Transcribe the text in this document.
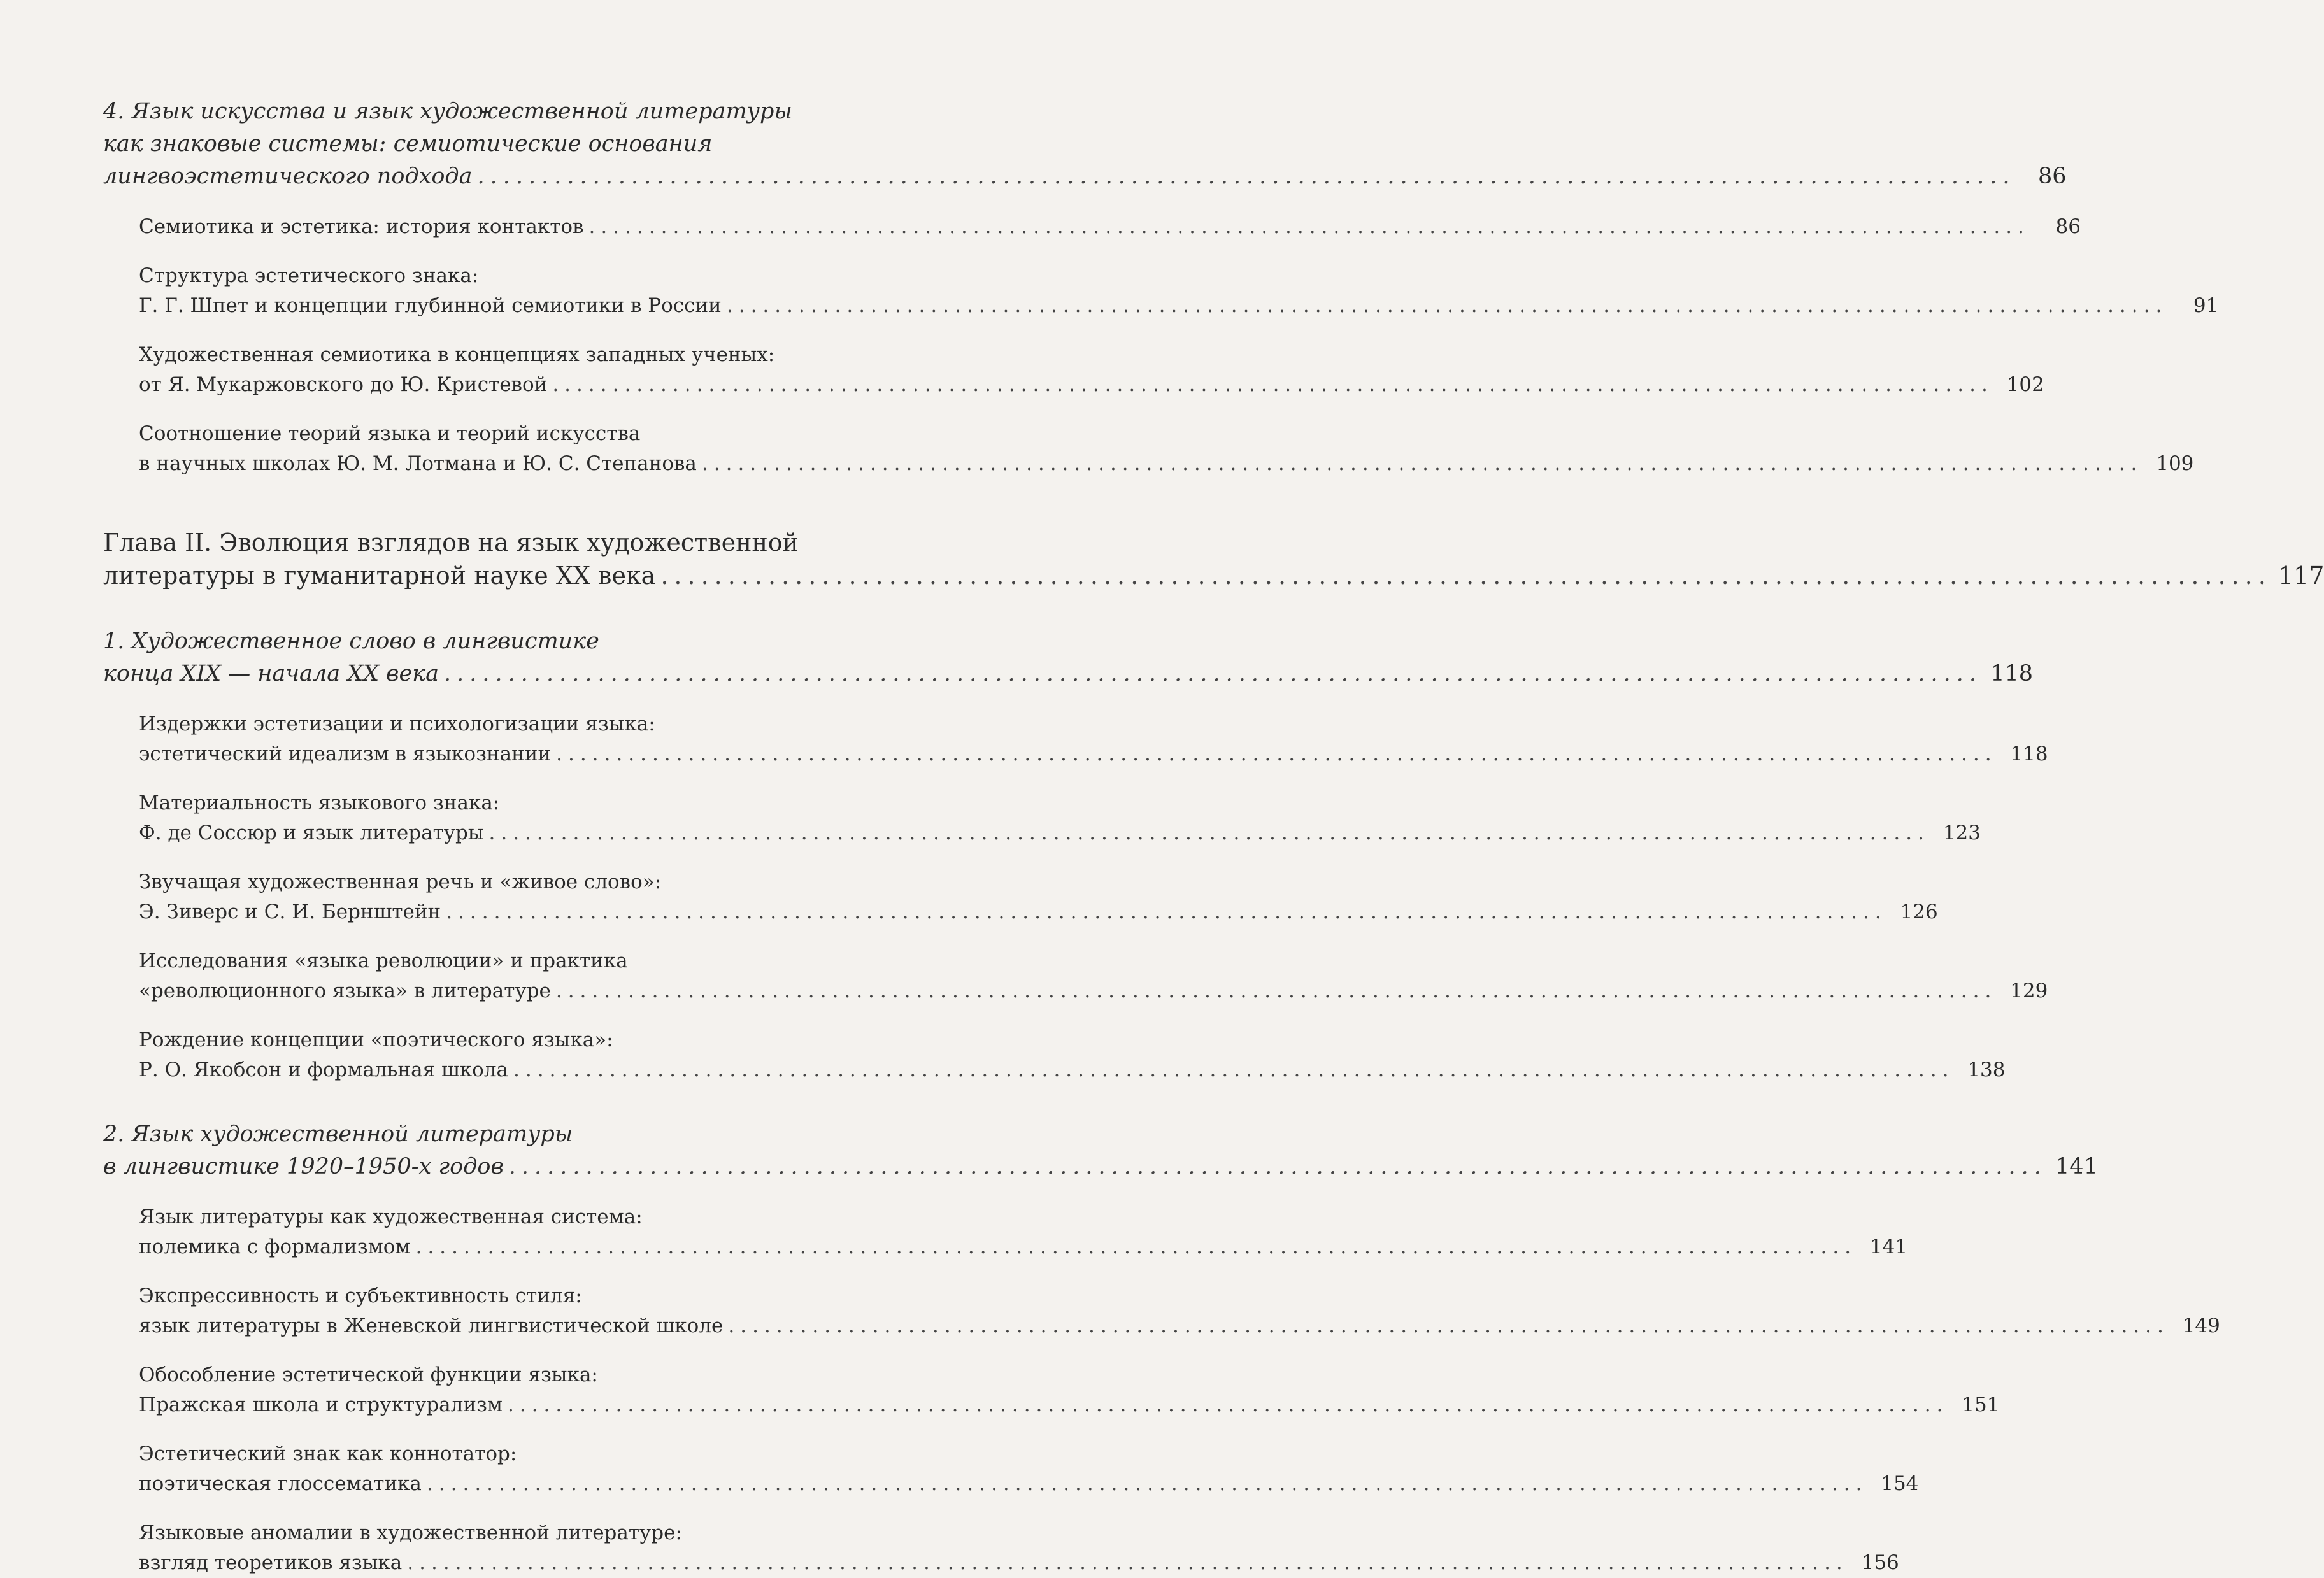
4. Язык искусства и язык художественной литературы
как знаковые системы: семиотические основания
лингвоэстетического подхода ........................................................................................................................	86
Семиотика и эстетика: история контактов ........................................................................................................................	86
Структура эстетического знака:
Г. Г. Шпет и концепции глубинной семиотики в России ........................................................................................................................	91
Художественная семиотика в концепциях западных ученых:
от Я. Мукаржовского до Ю. Кристевой ........................................................................................................................ 102
Соотношение теорий языка и теорий искусства
в научных школах Ю. М. Лотмана и Ю. С. Степанова ........................................................................................................................ 109
Глава II. Эволюция взглядов на язык художественной
литературы в гуманитарной науке XX века ........................................................................................................................ 117
1. Художественное слово в лингвистике
конца XIX — начала XX века ........................................................................................................................ 118
Издержки эстетизации и психологизации языка:
эстетический идеализм в языкознании ........................................................................................................................ 118
Материальность языкового знака:
Ф. де Соссюр и язык литературы ........................................................................................................................ 123
Звучащая художественная речь и «живое слово»:
Э. Зиверс и С. И. Бернштейн ........................................................................................................................ 126
Исследования «языка революции» и практика
«революционного языка» в литературе ........................................................................................................................ 129
Рождение концепции «поэтического языка»:
Р. О. Якобсон и формальная школа ........................................................................................................................ 138
2. Язык художественной литературы
в лингвистике 1920–1950-х годов ........................................................................................................................ 141
Язык литературы как художественная система:
полемика с формализмом ........................................................................................................................ 141
Экспрессивность и субъективность стиля:
язык литературы в Женевской лингвистической школе ........................................................................................................................ 149
Обособление эстетической функции языка:
Пражская школа и структурализм ........................................................................................................................ 151
Эстетический знак как коннотатор:
поэтическая глоссематика ........................................................................................................................ 154
Языковые аномалии в художественной литературе:
взгляд теоретиков языка ........................................................................................................................ 156
